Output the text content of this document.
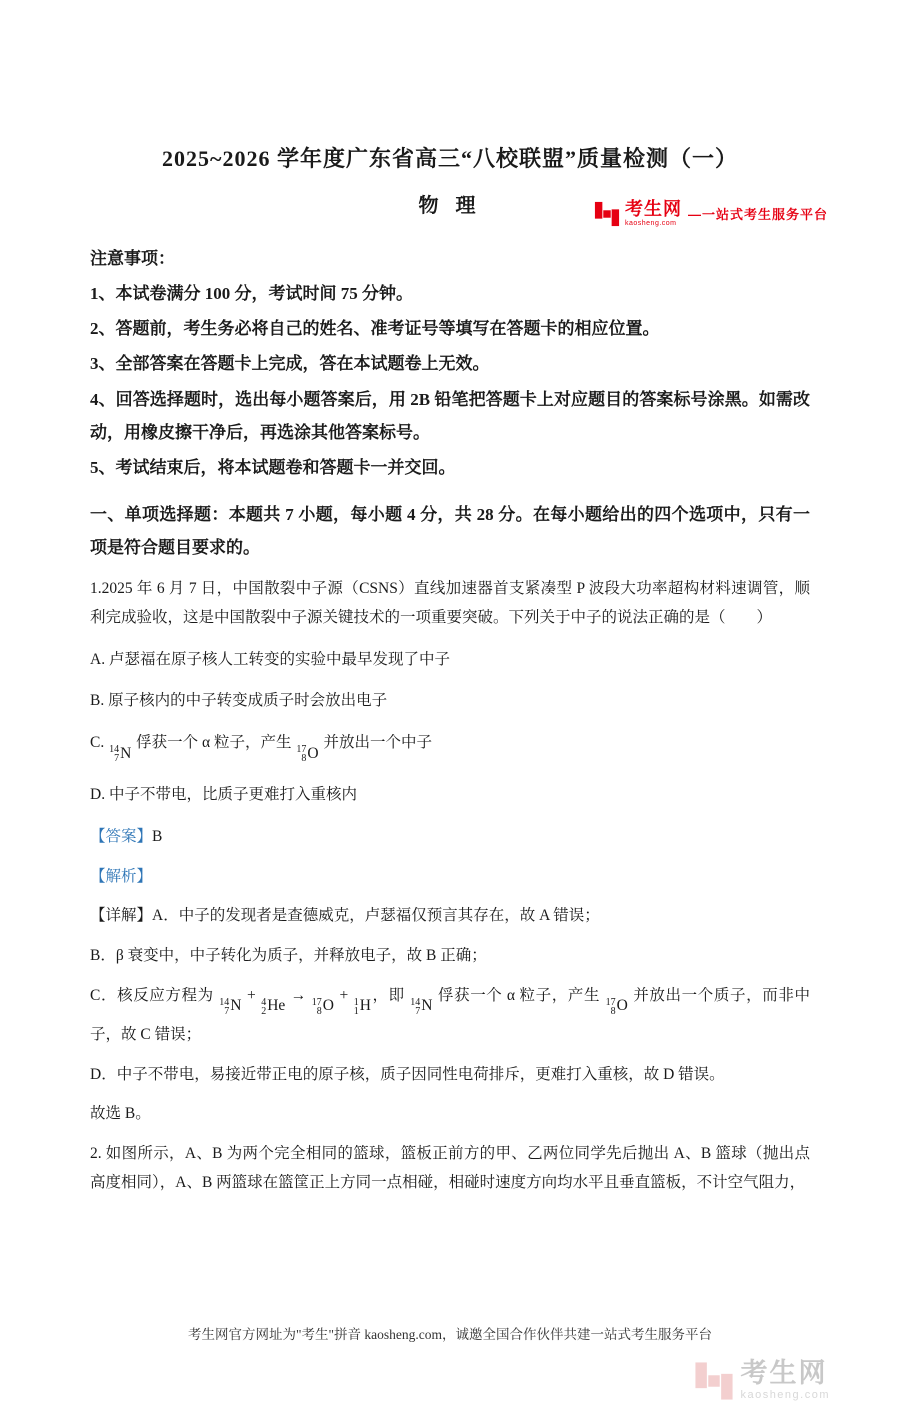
考生网
kaosheng.com
—一站式考生服务平台
2025~2026 学年度广东省高三“八校联盟”质量检测（一）
物 理

注意事项：

1、本试卷满分 100 分，考试时间 75 分钟。

2、答题前，考生务必将自己的姓名、准考证号等填写在答题卡的相应位置。

3、全部答案在答题卡上完成，答在本试题卷上无效。

4、回答选择题时，选出每小题答案后，用 2B 铅笔把答题卡上对应题目的答案标号涂黑。如需改动，用橡皮擦干净后，再选涂其他答案标号。

5、考试结束后，将本试题卷和答题卡一并交回。

一、单项选择题：本题共 7 小题，每小题 4 分，共 28 分。在每小题给出的四个选项中，只有一项是符合题目要求的。

1.2025 年 6 月 7 日，中国散裂中子源（CSNS）直线加速器首支紧凑型 P 波段大功率超构材料速调管，顺利完成验收，这是中国散裂中子源关键技术的一项重要突破。下列关于中子的说法正确的是（　　）

A. 卢瑟福在原子核人工转变的实验中最早发现了中子

B. 原子核内的中子转变成质子时会放出电子

C. 14
7 N
俘获一个 α 粒子，产生 17
8 O
并放出一个中子

D. 中子不带电，比质子更难打入重核内

【答案】B

【解析】

【详解】A．中子的发现者是查德威克，卢瑟福仅预言其存在，故 A 错误；

B．β 衰变中，中子转化为质子，并释放电子，故 B 正确；

C．核反应方程为 14
7 N
+ 4
2 He
→ 17
8 O
+ 1
1 H
，即 14
7 N
俘获一个 α 粒子，产生 17
8 O
并放出一个质子，而非中子，故 C 错误；

D．中子不带电，易接近带正电的原子核，质子因同性电荷排斥，更难打入重核，故 D 错误。

故选 B。

2. 如图所示，A、B 为两个完全相同的篮球，篮板正前方的甲、乙两位同学先后抛出 A、B 篮球（抛出点高度相同），A、B 两篮球在篮筐正上方同一点相碰，相碰时速度方向均水平且垂直篮板，不计空气阻力，

考生网官方网址为"考生"拼音 kaosheng.com，诚邀全国合作伙伴共建一站式考生服务平台
考生网
kaosheng.com
